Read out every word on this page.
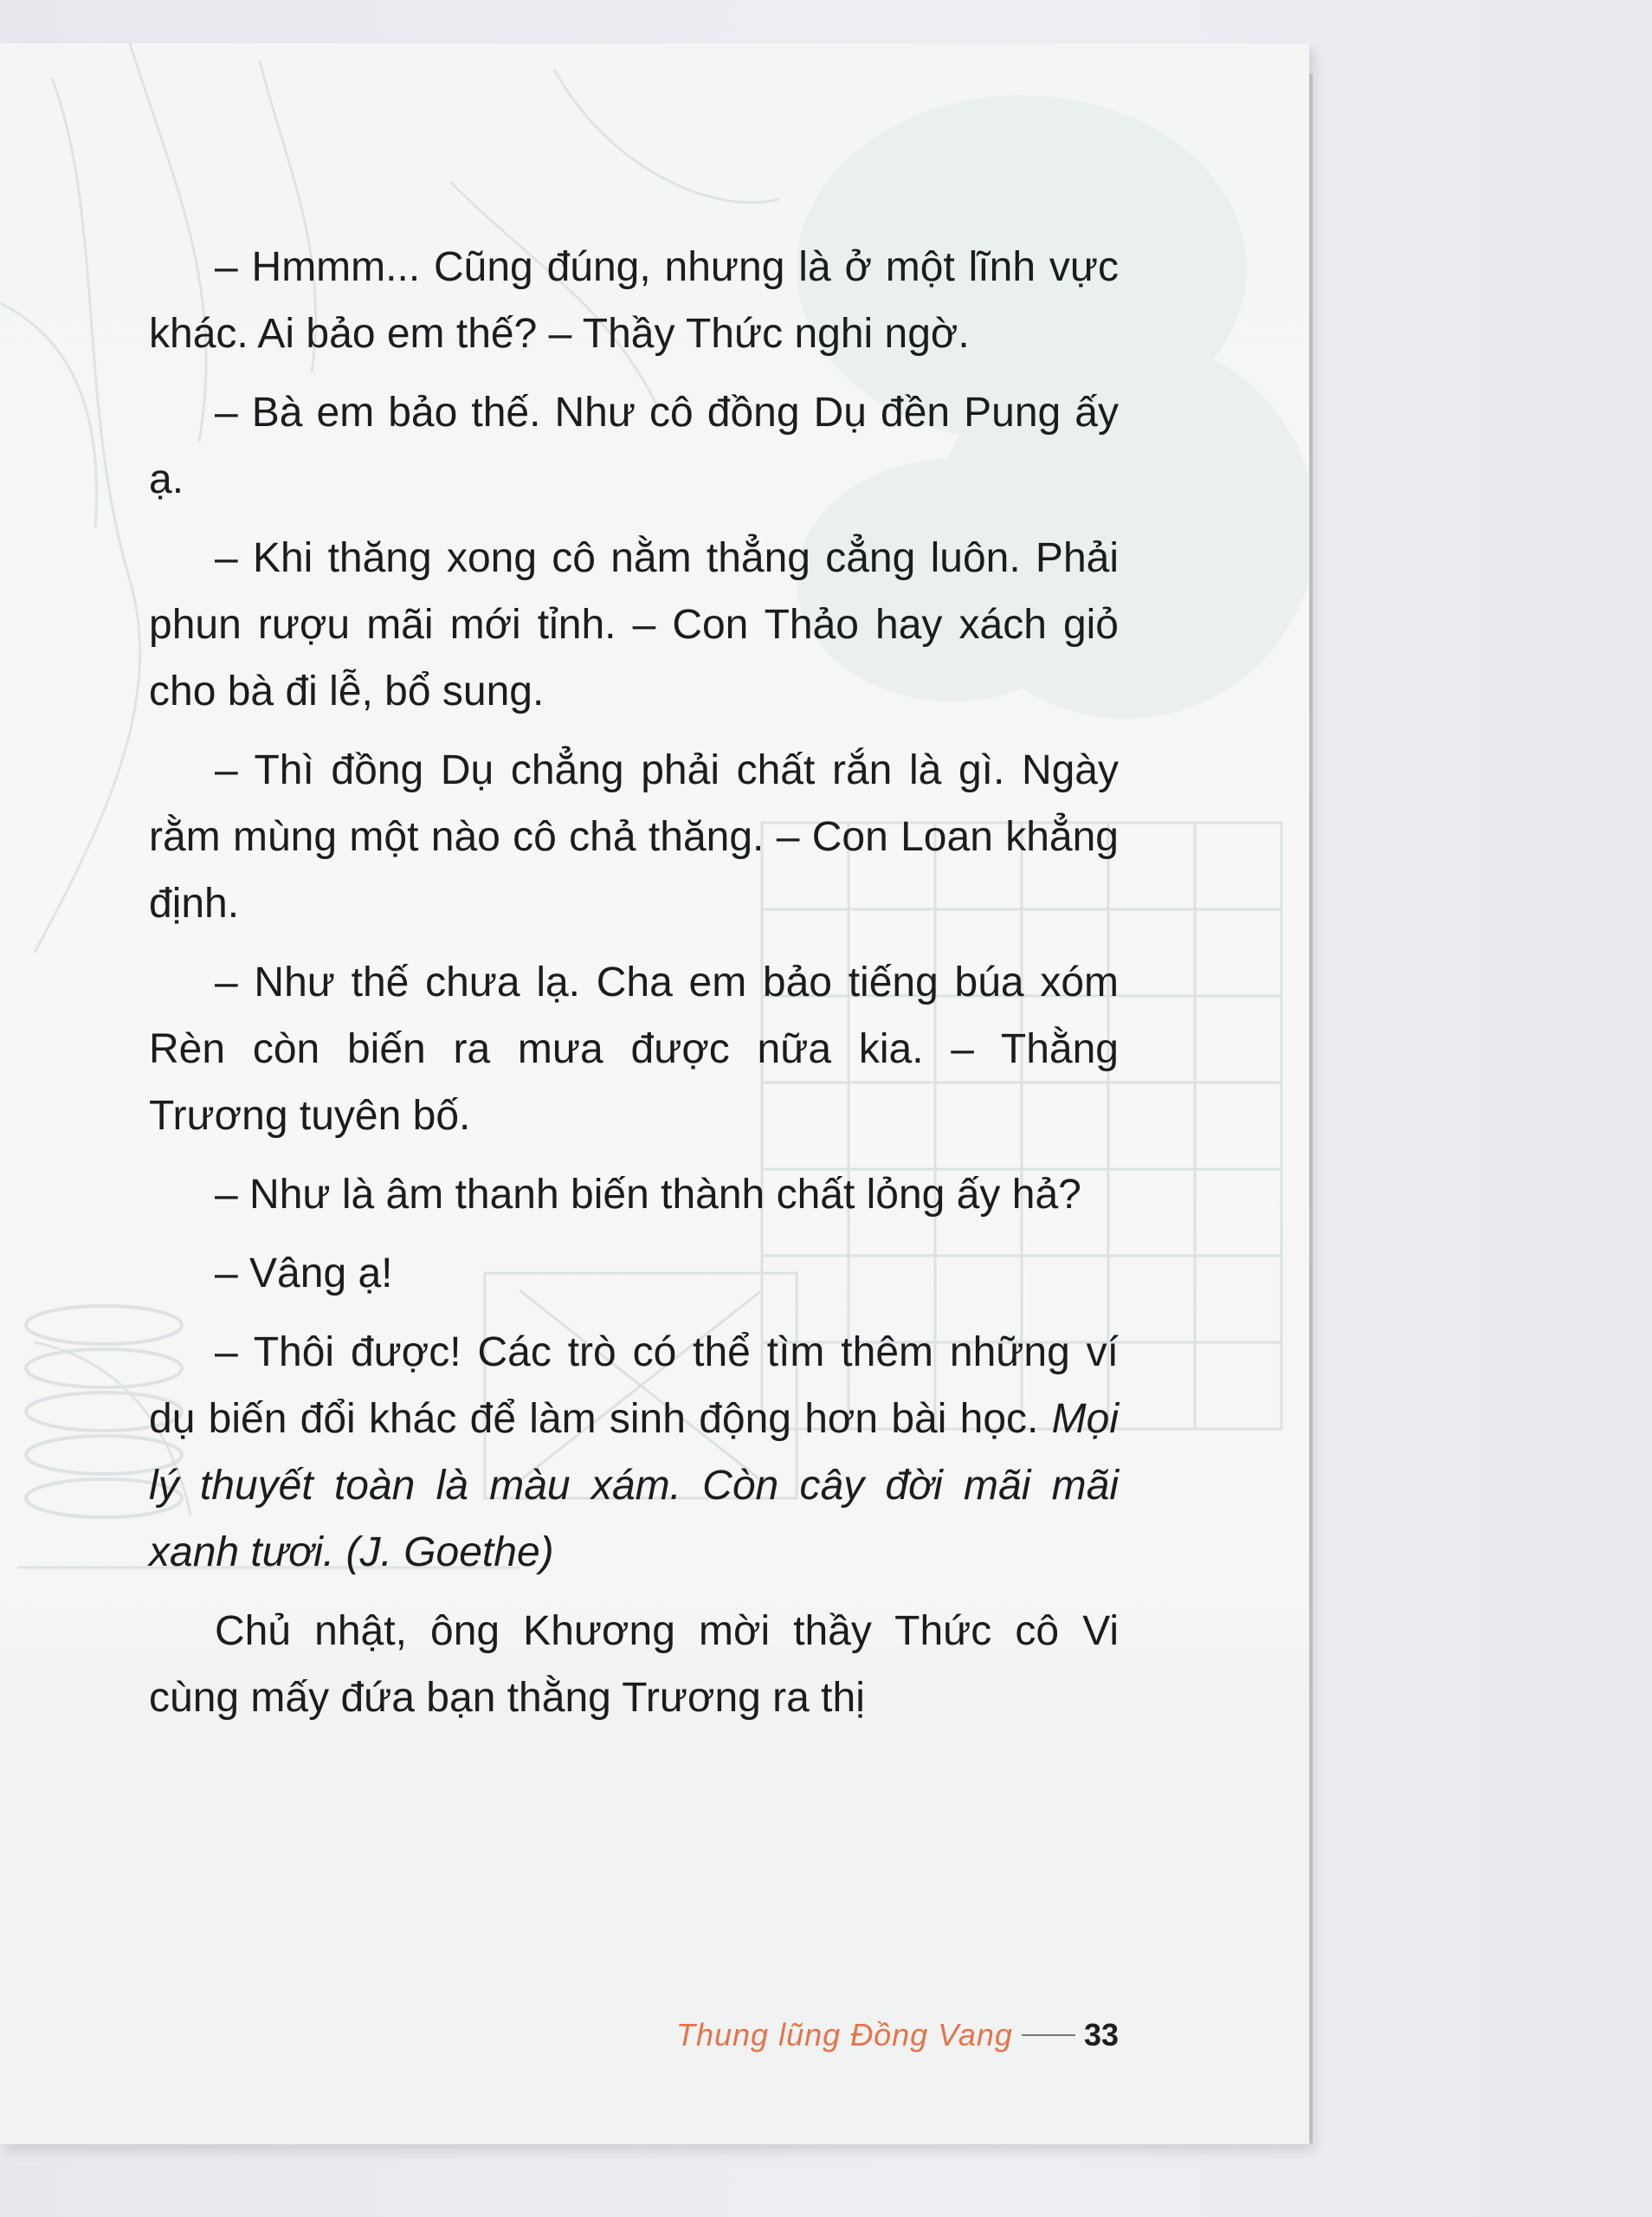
– Hmmm... Cũng đúng, nhưng là ở một lĩnh vực khác. Ai bảo em thế? – Thầy Thức nghi ngờ.

– Bà em bảo thế. Như cô đồng Dụ đền Pung ấy ạ.

– Khi thăng xong cô nằm thẳng cẳng luôn. Phải phun rượu mãi mới tỉnh. – Con Thảo hay xách giỏ cho bà đi lễ, bổ sung.

– Thì đồng Dụ chẳng phải chất rắn là gì. Ngày rằm mùng một nào cô chả thăng. – Con Loan khẳng định.

– Như thế chưa lạ. Cha em bảo tiếng búa xóm Rèn còn biến ra mưa được nữa kia. – Thằng Trương tuyên bố.

– Như là âm thanh biến thành chất lỏng ấy hả?

– Vâng ạ!

– Thôi được! Các trò có thể tìm thêm những ví dụ biến đổi khác để làm sinh động hơn bài học. Mọi lý thuyết toàn là màu xám. Còn cây đời mãi mãi xanh tươi. (J. Goethe)

Chủ nhật, ông Khương mời thầy Thức cô Vi cùng mấy đứa bạn thằng Trương ra thị

Thung lũng Đồng Vang 33
